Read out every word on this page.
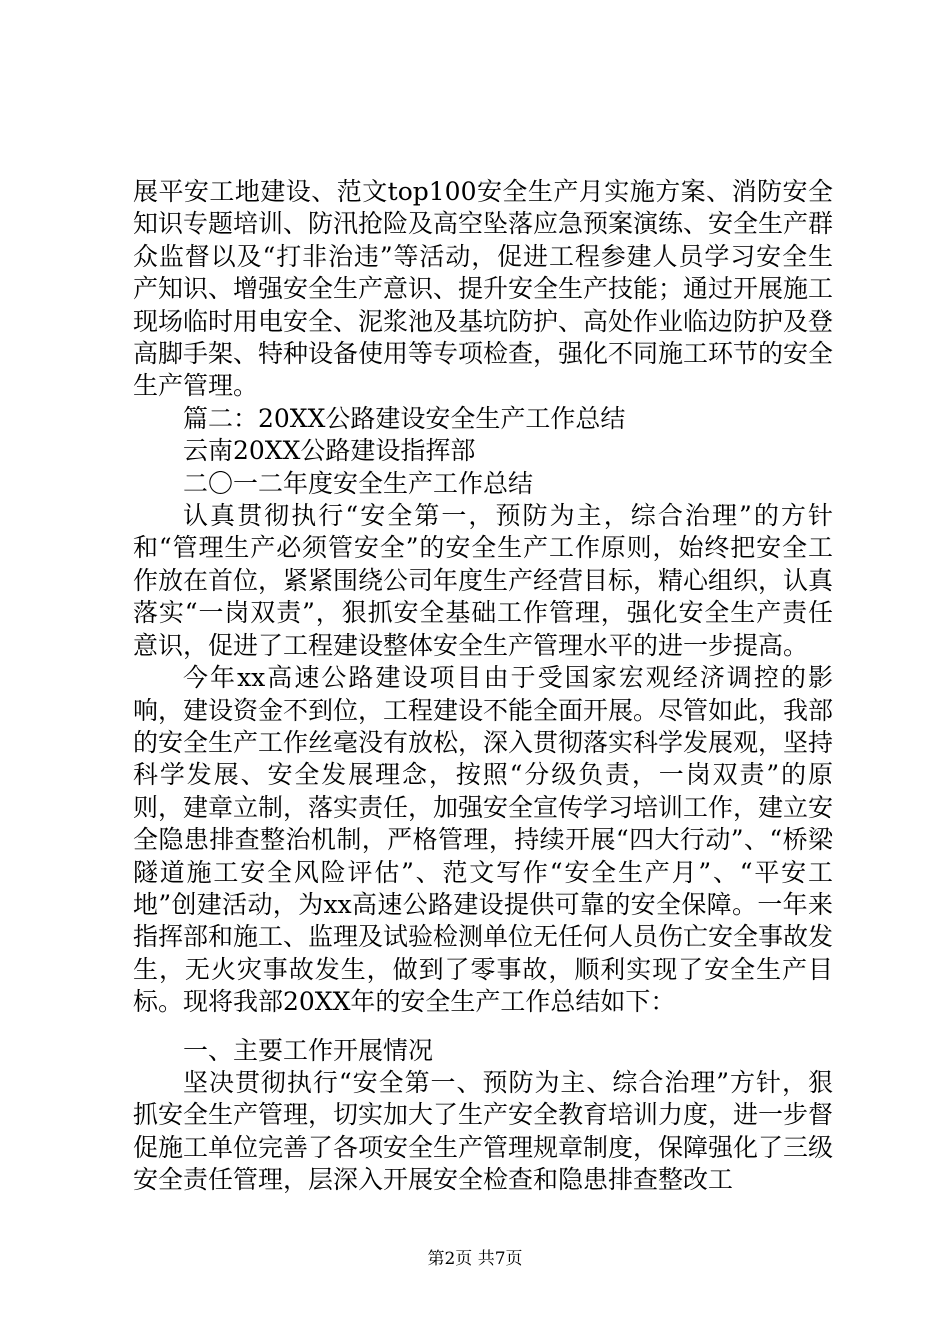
展平安工地建设、范文top100安全生产月实施方案、消防安全知识专题培训、防汛抢险及高空坠落应急预案演练、安全生产群众监督以及“打非治违”等活动，促进工程参建人员学习安全生产知识、增强安全生产意识、提升安全生产技能；通过开展施工现场临时用电安全、泥浆池及基坑防护、高处作业临边防护及登高脚手架、特种设备使用等专项检查，强化不同施工环节的安全生产管理。

篇二：20XX公路建设安全生产工作总结

云南20XX公路建设指挥部

二〇一二年度安全生产工作总结

认真贯彻执行“安全第一，预防为主，综合治理”的方针和“管理生产必须管安全”的安全生产工作原则，始终把安全工作放在首位，紧紧围绕公司年度生产经营目标，精心组织，认真落实“一岗双责”，狠抓安全基础工作管理，强化安全生产责任意识，促进了工程建设整体安全生产管理水平的进一步提高。

今年xx高速公路建设项目由于受国家宏观经济调控的影响，建设资金不到位，工程建设不能全面开展。尽管如此，我部的安全生产工作丝毫没有放松，深入贯彻落实科学发展观，坚持科学发展、安全发展理念，按照“分级负责，一岗双责”的原则，建章立制，落实责任，加强安全宣传学习培训工作，建立安全隐患排查整治机制，严格管理，持续开展“四大行动”、“桥梁隧道施工安全风险评估”、范文写作“安全生产月”、“平安工地”创建活动，为xx高速公路建设提供可靠的安全保障。一年来指挥部和施工、监理及试验检测单位无任何人员伤亡安全事故发生，无火灾事故发生，做到了零事故，顺利实现了安全生产目标。现将我部20XX年的安全生产工作总结如下：

一、主要工作开展情况

坚决贯彻执行“安全第一、预防为主、综合治理”方针，狠抓安全生产管理，切实加大了生产安全教育培训力度，进一步督促施工单位完善了各项安全生产管理规章制度，保障强化了三级安全责任管理，层深入开展安全检查和隐患排查整改工

第2页 共7页
